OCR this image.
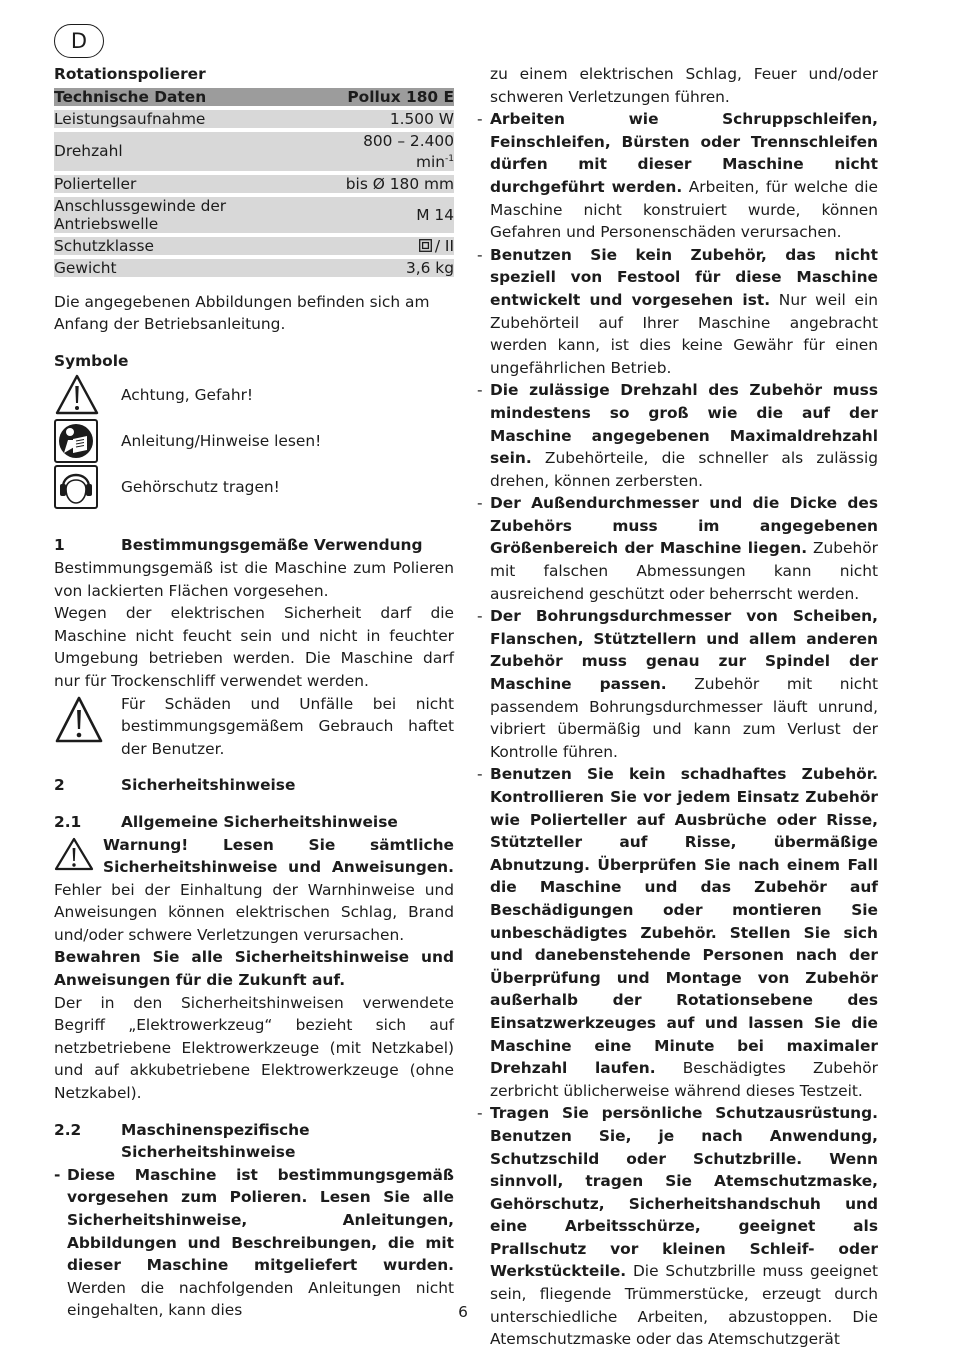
D

Rotationspolierer

Technische Daten	Pollux 180 E
Leistungsaufnahme	1.500 W
Drehzahl	800 – 2.400 $\min^{-1}$
Polierteller	bis Ø 180 mm
Anschlussgewinde der Antriebswelle	M 14
Schutzklasse	/ II
Gewicht	3,6 kg

Die angegebenen Abbildungen befinden sich am Anfang der Betriebsanleitung.

Symbole

Achtung, Gefahr!
Anleitung/Hinweise lesen!
Gehörschutz tragen!
1	Bestimmungsgemäße Verwendung

Bestimmungsgemäß ist die Maschine zum Polieren von lackierten Flächen vorgesehen.

Wegen der elektrischen Sicherheit darf die Maschine nicht feucht sein und nicht in feuchter Umgebung betrieben werden. Die Maschine darf nur für Trockenschliff verwendet werden.

Für Schäden und Unfälle bei nicht bestimmungsgemäßem Gebrauch haftet der Benutzer.

2	Sicherheitshinweise
2.1	Allgemeine Sicherheitshinweise

Warnung! Lesen Sie sämtliche Sicherheitshinweise und Anweisungen. Fehler bei der Einhaltung der Warnhinweise und Anweisungen können elektrischen Schlag, Brand und/oder schwere Verletzungen verursachen.

Bewahren Sie alle Sicherheitshinweise und Anweisungen für die Zukunft auf.

Der in den Sicherheitshinweisen verwendete Begriff „Elektrowerkzeug“ bezieht sich auf netzbetriebene Elektrowerkzeuge (mit Netzkabel) und auf akkubetriebene Elektrowerkzeuge (ohne Netzkabel).

2.2	Maschinenspezifische Sicherheitshinweise
- Diese Maschine ist bestimmungsgemäß vorgesehen zum Polieren. Lesen Sie alle Sicherheitshinweise, Anleitungen, Abbildungen und Beschreibungen, die mit dieser Maschine mitgeliefert wurden. Werden die nachfolgenden Anleitungen nicht eingehalten, kann dies

zu einem elektrischen Schlag, Feuer und/oder schweren Verletzungen führen.

- Arbeiten wie Schruppschleifen, Feinschleifen, Bürsten oder Trennschleifen dürfen mit dieser Maschine nicht durchgeführt werden. Arbeiten, für welche die Maschine nicht konstruiert wurde, können Gefahren und Personenschäden verursachen.

- Benutzen Sie kein Zubehör, das nicht speziell von Festool für diese Maschine entwickelt und vorgesehen ist. Nur weil ein Zubehörteil auf Ihrer Maschine angebracht werden kann, ist dies keine Gewähr für einen ungefährlichen Betrieb.

- Die zulässige Drehzahl des Zubehör muss mindestens so groß wie die auf der Maschine angegebenen Maximaldrehzahl sein. Zubehörteile, die schneller als zulässig drehen, können zerbersten.

- Der Außendurchmesser und die Dicke des Zubehörs muss im angegebenen Größenbereich der Maschine liegen. Zubehör mit falschen Abmessungen kann nicht ausreichend geschützt oder beherrscht werden.

- Der Bohrungsdurchmesser von Scheiben, Flanschen, Stütztellern und allem anderen Zubehör muss genau zur Spindel der Maschine passen. Zubehör mit nicht passendem Bohrungsdurchmesser läuft unrund, vibriert übermäßig und kann zum Verlust der Kontrolle führen.

- Benutzen Sie kein schadhaftes Zubehör. Kontrollieren Sie vor jedem Einsatz Zubehör wie Polierteller auf Ausbrüche oder Risse, Stützteller auf Risse, übermäßige Abnutzung. Überprüfen Sie nach einem Fall die Maschine und das Zubehör auf Beschädigungen oder montieren Sie unbeschädigtes Zubehör. Stellen Sie sich und danebenstehende Personen nach der Überprüfung und Montage von Zubehör außerhalb der Rotationsebene des Einsatzwerkzeuges auf und lassen Sie die Maschine eine Minute bei maximaler Drehzahl laufen. Beschädigtes Zubehör zerbricht üblicherweise während dieses Testzeit.

- Tragen Sie persönliche Schutzausrüstung. Benutzen Sie, je nach Anwendung, Schutzschild oder Schutzbrille. Wenn sinnvoll, tragen Sie Atemschutzmaske, Gehörschutz, Sicherheitshandschuh und eine Arbeitsschürze, geeignet als Prallschutz vor kleinen Schleif- oder Werkstückteile. Die Schutzbrille muss geeignet sein, fliegende Trümmerstücke, erzeugt durch unterschiedliche Arbeiten, abzustoppen. Die Atemschutzmaske oder das Atemschutzgerät

6
